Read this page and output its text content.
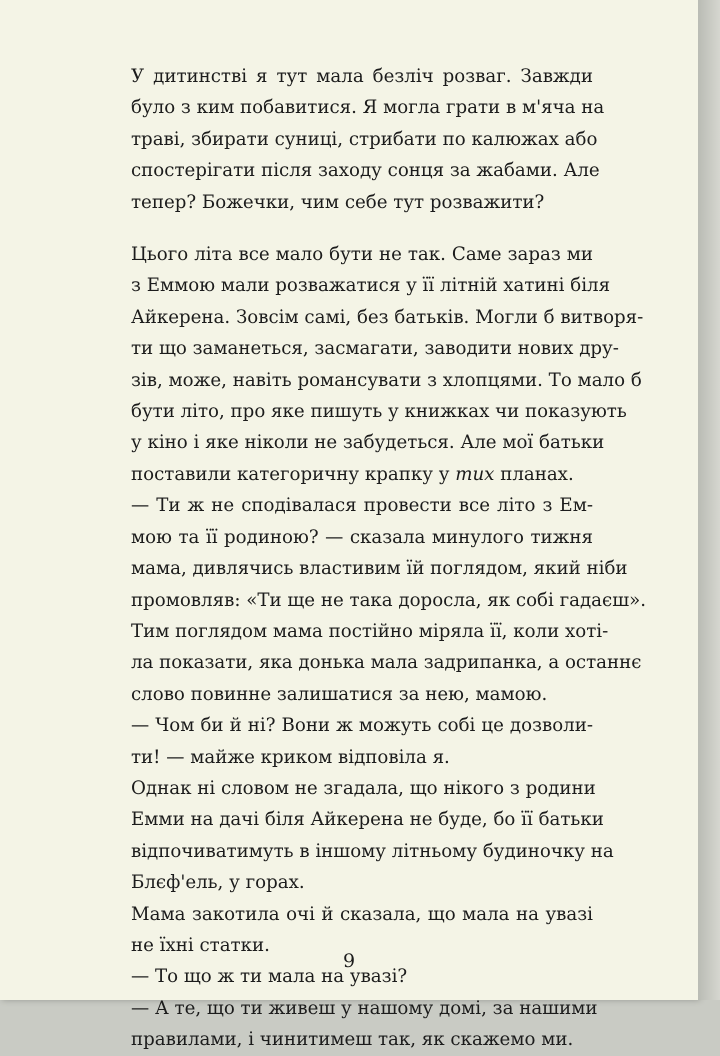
У дитинстві я тут мала безліч розваг. Завжди
було з ким побавитися. Я могла грати в м'яча на
траві, збирати суниці, стрибати по калюжах або
спостерігати після заходу сонця за жабами. Але
тепер? Божечки, чим себе тут розважити?

Цього літа все мало бути не так. Саме зараз ми
з Еммою мали розважатися у її літній хатині біля
Айкерена. Зовсім самі, без батьків. Могли б витворя-
ти що заманеться, засмагати, заводити нових дру-
зів, може, навіть романсувати з хлопцями. То мало б
бути літо, про яке пишуть у книжках чи показують
у кіно і яке ніколи не забудеться. Але мої батьки
поставили категоричну крапку у тих планах.

— Ти ж не сподівалася провести все літо з Ем-
мою та її родиною? — сказала минулого тижня
мама, дивлячись властивим їй поглядом, який ніби
промовляв: «Ти ще не така доросла, як собі гадаєш».

Тим поглядом мама постійно міряла її, коли хоті-
ла показати, яка донька мала задрипанка, а останнє
слово повинне залишатися за нею, мамою.

— Чом би й ні? Вони ж можуть собі це дозволи-
ти! — майже криком відповіла я.

Однак ні словом не згадала, що нікого з родини
Емми на дачі біля Айкерена не буде, бо її батьки
відпочиватимуть в іншому літньому будиночку на
Блєф'ель, у горах.

Мама закотила очі й сказала, що мала на увазі
не їхні статки.

— То що ж ти мала на увазі?

— А те, що ти живеш у нашому домі, за нашими
правилами, і чинитимеш так, як скажемо ми.

9
